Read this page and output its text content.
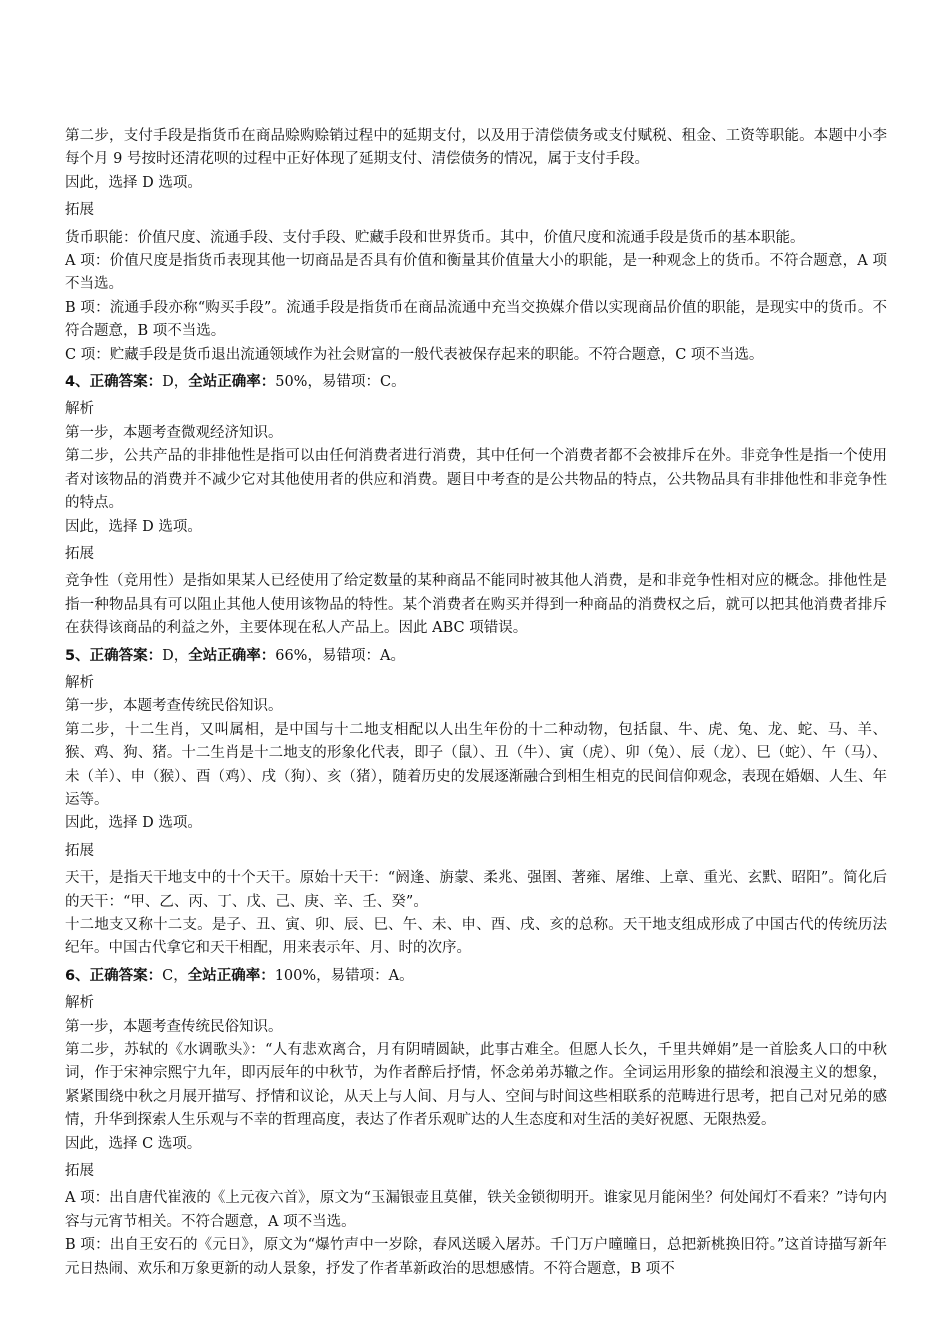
第二步，支付手段是指货币在商品赊购赊销过程中的延期支付，以及用于清偿债务或支付赋税、租金、工资等职能。本题中小李每个月 9 号按时还清花呗的过程中正好体现了延期支付、清偿债务的情况，属于支付手段。

因此，选择 D 选项。

拓展

货币职能：价值尺度、流通手段、支付手段、贮藏手段和世界货币。其中，价值尺度和流通手段是货币的基本职能。

A 项：价值尺度是指货币表现其他一切商品是否具有价值和衡量其价值量大小的职能，是一种观念上的货币。不符合题意，A 项不当选。

B 项：流通手段亦称“购买手段”。流通手段是指货币在商品流通中充当交换媒介借以实现商品价值的职能，是现实中的货币。不符合题意，B 项不当选。

C 项：贮藏手段是货币退出流通领域作为社会财富的一般代表被保存起来的职能。不符合题意，C 项不当选。

4、正确答案：D，全站正确率：50%，易错项：C。

解析

第一步，本题考查微观经济知识。

第二步，公共产品的非排他性是指可以由任何消费者进行消费，其中任何一个消费者都不会被排斥在外。非竞争性是指一个使用者对该物品的消费并不减少它对其他使用者的供应和消费。题目中考查的是公共物品的特点，公共物品具有非排他性和非竞争性的特点。

因此，选择 D 选项。

拓展

竞争性（竞用性）是指如果某人已经使用了给定数量的某种商品不能同时被其他人消费，是和非竞争性相对应的概念。排他性是指一种物品具有可以阻止其他人使用该物品的特性。某个消费者在购买并得到一种商品的消费权之后，就可以把其他消费者排斥在获得该商品的利益之外，主要体现在私人产品上。因此 ABC 项错误。

5、正确答案：D，全站正确率：66%，易错项：A。

解析

第一步，本题考查传统民俗知识。

第二步，十二生肖，又叫属相，是中国与十二地支相配以人出生年份的十二种动物，包括鼠、牛、虎、兔、龙、蛇、马、羊、猴、鸡、狗、猪。十二生肖是十二地支的形象化代表，即子（鼠）、丑（牛）、寅（虎）、卯（兔）、辰（龙）、巳（蛇）、午（马）、未（羊）、申（猴）、酉（鸡）、戌（狗）、亥（猪），随着历史的发展逐渐融合到相生相克的民间信仰观念，表现在婚姻、人生、年运等。

因此，选择 D 选项。

拓展

天干，是指天干地支中的十个天干。原始十天干：“阏逢、旃蒙、柔兆、强圉、著雍、屠维、上章、重光、玄黓、昭阳”。简化后的天干：“甲、乙、丙、丁、戊、己、庚、辛、壬、癸”。

十二地支又称十二支。是子、丑、寅、卯、辰、巳、午、未、申、酉、戌、亥的总称。天干地支组成形成了中国古代的传统历法纪年。中国古代拿它和天干相配，用来表示年、月、时的次序。

6、正确答案：C，全站正确率：100%，易错项：A。

解析

第一步，本题考查传统民俗知识。

第二步，苏轼的《水调歌头》：“人有悲欢离合，月有阴晴圆缺，此事古难全。但愿人长久，千里共婵娟”是一首脍炙人口的中秋词，作于宋神宗熙宁九年，即丙辰年的中秋节，为作者醉后抒情，怀念弟弟苏辙之作。全词运用形象的描绘和浪漫主义的想象，紧紧围绕中秋之月展开描写、抒情和议论，从天上与人间、月与人、空间与时间这些相联系的范畴进行思考，把自己对兄弟的感情，升华到探索人生乐观与不幸的哲理高度，表达了作者乐观旷达的人生态度和对生活的美好祝愿、无限热爱。

因此，选择 C 选项。

拓展

A 项：出自唐代崔液的《上元夜六首》，原文为“玉漏银壶且莫催，铁关金锁彻明开。谁家见月能闲坐？何处闻灯不看来？”诗句内容与元宵节相关。不符合题意，A 项不当选。

B 项：出自王安石的《元日》，原文为“爆竹声中一岁除，春风送暖入屠苏。千门万户曈曈日，总把新桃换旧符。”这首诗描写新年元日热闹、欢乐和万象更新的动人景象，抒发了作者革新政治的思想感情。不符合题意，B 项不
